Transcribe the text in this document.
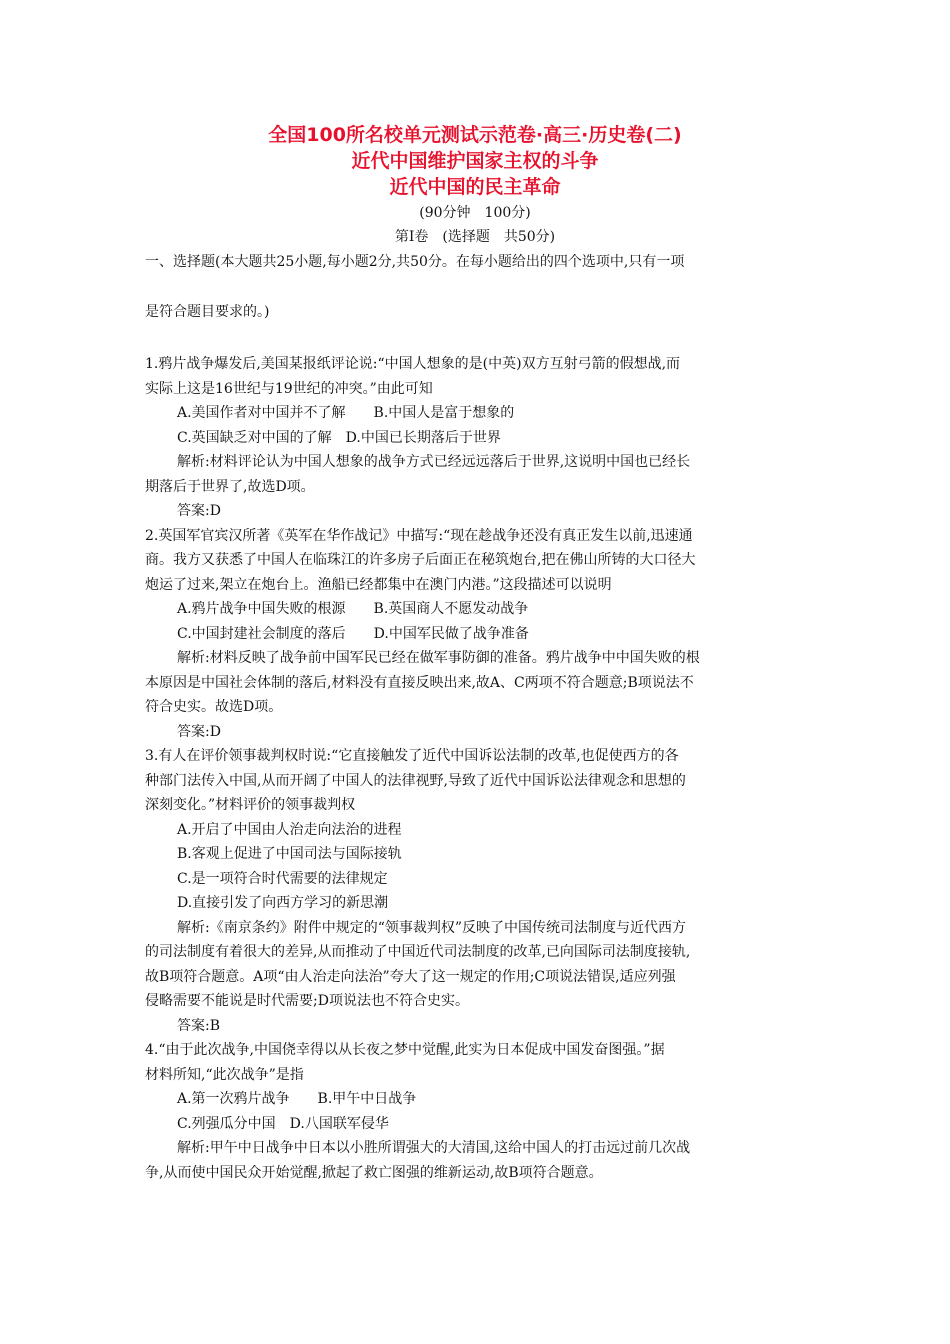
全国100所名校单元测试示范卷·高三·历史卷(二)
近代中国维护国家主权的斗争
近代中国的民主革命
(90分钟　100分)
第Ⅰ卷　(选择题　共50分)
一、选择题(本大题共25小题,每小题2分,共50分。在每小题给出的四个选项中,只有一项
是符合题目要求的。)
1.鸦片战争爆发后,美国某报纸评论说:“中国人想象的是(中英)双方互射弓箭的假想战,而
实际上这是16世纪与19世纪的冲突。”由此可知
A.美国作者对中国并不了解　　B.中国人是富于想象的
C.英国缺乏对中国的了解　D.中国已长期落后于世界
解析:材料评论认为中国人想象的战争方式已经远远落后于世界,这说明中国也已经长
期落后于世界了,故选D项。
答案:D
2.英国军官宾汉所著《英军在华作战记》中描写:“现在趁战争还没有真正发生以前,迅速通
商。我方又获悉了中国人在临珠江的许多房子后面正在秘筑炮台,把在佛山所铸的大口径大
炮运了过来,架立在炮台上。渔船已经都集中在澳门内港。”这段描述可以说明
A.鸦片战争中国失败的根源　　B.英国商人不愿发动战争
C.中国封建社会制度的落后　　D.中国军民做了战争准备
解析:材料反映了战争前中国军民已经在做军事防御的准备。鸦片战争中中国失败的根
本原因是中国社会体制的落后,材料没有直接反映出来,故A、C两项不符合题意;B项说法不
符合史实。故选D项。
答案:D
3.有人在评价领事裁判权时说:“它直接触发了近代中国诉讼法制的改革,也促使西方的各
种部门法传入中国,从而开阔了中国人的法律视野,导致了近代中国诉讼法律观念和思想的
深刻变化。”材料评价的领事裁判权
A.开启了中国由人治走向法治的进程
B.客观上促进了中国司法与国际接轨
C.是一项符合时代需要的法律规定
D.直接引发了向西方学习的新思潮
解析:《南京条约》附件中规定的“领事裁判权”反映了中国传统司法制度与近代西方
的司法制度有着很大的差异,从而推动了中国近代司法制度的改革,已向国际司法制度接轨,
故B项符合题意。A项“由人治走向法治”夸大了这一规定的作用;C项说法错误,适应列强
侵略需要不能说是时代需要;D项说法也不符合史实。
答案:B
4.“由于此次战争,中国侥幸得以从长夜之梦中觉醒,此实为日本促成中国发奋图强。”据
材料所知,“此次战争”是指
A.第一次鸦片战争　　B.甲午中日战争
C.列强瓜分中国　D.八国联军侵华
解析:甲午中日战争中日本以小胜所谓强大的大清国,这给中国人的打击远过前几次战
争,从而使中国民众开始觉醒,掀起了救亡图强的维新运动,故B项符合题意。
